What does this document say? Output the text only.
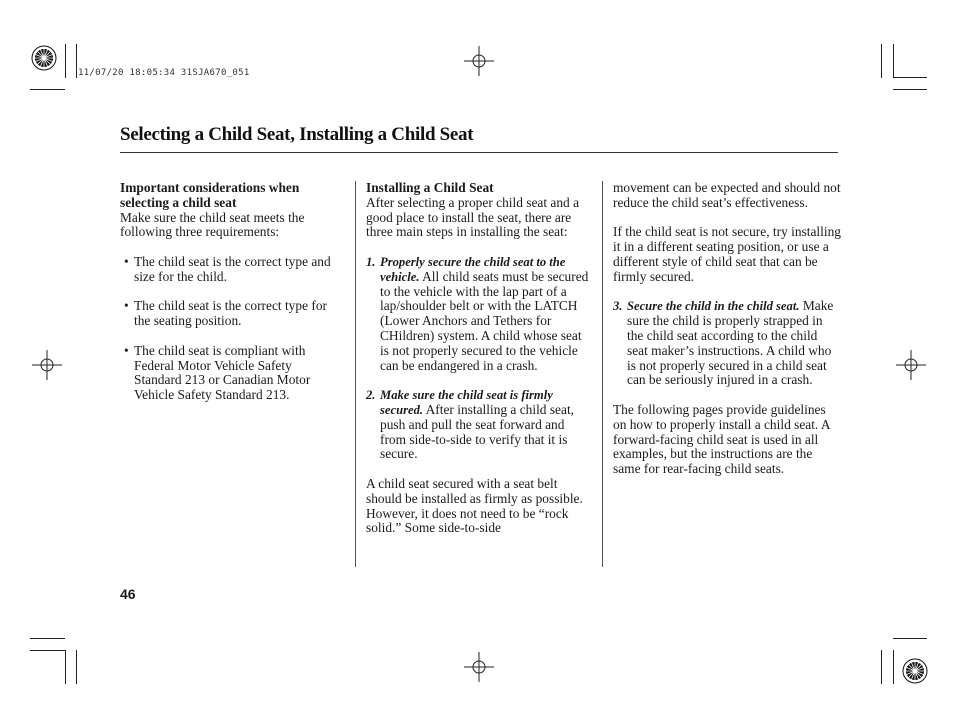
11/07/20 18:05:34 31SJA670_051
Selecting a Child Seat, Installing a Child Seat

Important considerations when selecting a child seat

Make sure the child seat meets the following three requirements:

• The child seat is the correct type and size for the child.

• The child seat is the correct type for the seating position.

• The child seat is compliant with Federal Motor Vehicle Safety Standard 213 or Canadian Motor Vehicle Safety Standard 213.

Installing a Child Seat

After selecting a proper child seat and a good place to install the seat, there are three main steps in installing the seat:

1. Properly secure the child seat to the vehicle. All child seats must be secured to the vehicle with the lap part of a lap/shoulder belt or with the LATCH (Lower Anchors and Tethers for CHildren) system. A child whose seat is not properly secured to the vehicle can be endangered in a crash.

2. Make sure the child seat is firmly secured. After installing a child seat, push and pull the seat forward and from side-to-side to verify that it is secure.

A child seat secured with a seat belt should be installed as firmly as possible. However, it does not need to be “rock solid.” Some side-to-side

movement can be expected and should not reduce the child seat’s effectiveness.

If the child seat is not secure, try installing it in a different seating position, or use a different style of child seat that can be firmly secured.

3. Secure the child in the child seat. Make sure the child is properly strapped in the child seat according to the child seat maker’s instructions. A child who is not properly secured in a child seat can be seriously injured in a crash.

The following pages provide guidelines on how to properly install a child seat. A forward-facing child seat is used in all examples, but the instructions are the same for rear-facing child seats.

46
